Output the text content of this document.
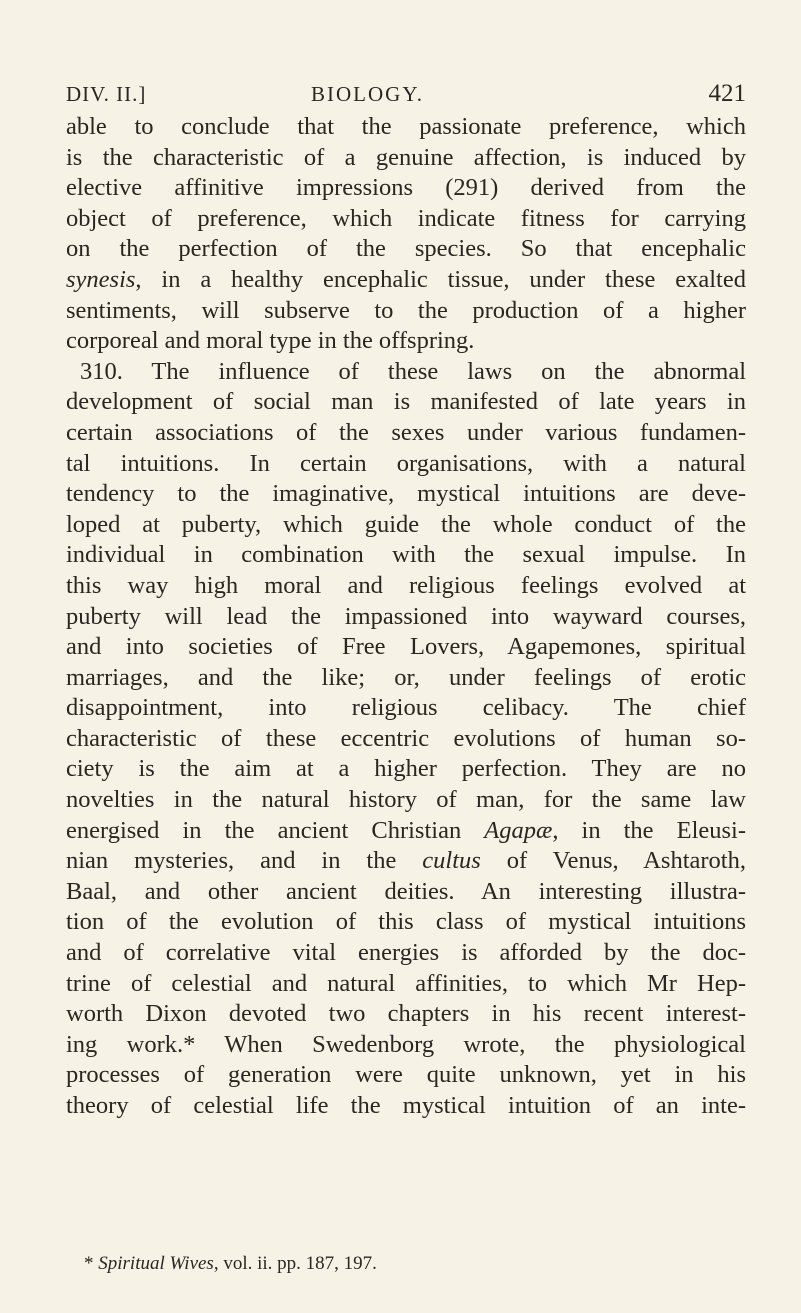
DIV. II.]	BIOLOGY.	421
able to conclude that the passionate preference, which
is the characteristic of a genuine affection, is induced by
elective affinitive impressions (291) derived from the
object of preference, which indicate fitness for carrying
on the perfection of the species. So that encephalic
synesis, in a healthy encephalic tissue, under these exalted
sentiments, will subserve to the production of a higher
corporeal and moral type in the offspring.
310. The influence of these laws on the abnormal
development of social man is manifested of late years in
certain associations of the sexes under various fundamen-
tal intuitions. In certain organisations, with a natural
tendency to the imaginative, mystical intuitions are deve-
loped at puberty, which guide the whole conduct of the
individual in combination with the sexual impulse. In
this way high moral and religious feelings evolved at
puberty will lead the impassioned into wayward courses,
and into societies of Free Lovers, Agapemones, spiritual
marriages, and the like; or, under feelings of erotic
disappointment, into religious celibacy. The chief
characteristic of these eccentric evolutions of human so-
ciety is the aim at a higher perfection. They are no
novelties in the natural history of man, for the same law
energised in the ancient Christian Agapæ, in the Eleusi-
nian mysteries, and in the cultus of Venus, Ashtaroth,
Baal, and other ancient deities. An interesting illustra-
tion of the evolution of this class of mystical intuitions
and of correlative vital energies is afforded by the doc-
trine of celestial and natural affinities, to which Mr Hep-
worth Dixon devoted two chapters in his recent interest-
ing work.* When Swedenborg wrote, the physiological
processes of generation were quite unknown, yet in his
theory of celestial life the mystical intuition of an inte-
* Spiritual Wives, vol. ii. pp. 187, 197.
